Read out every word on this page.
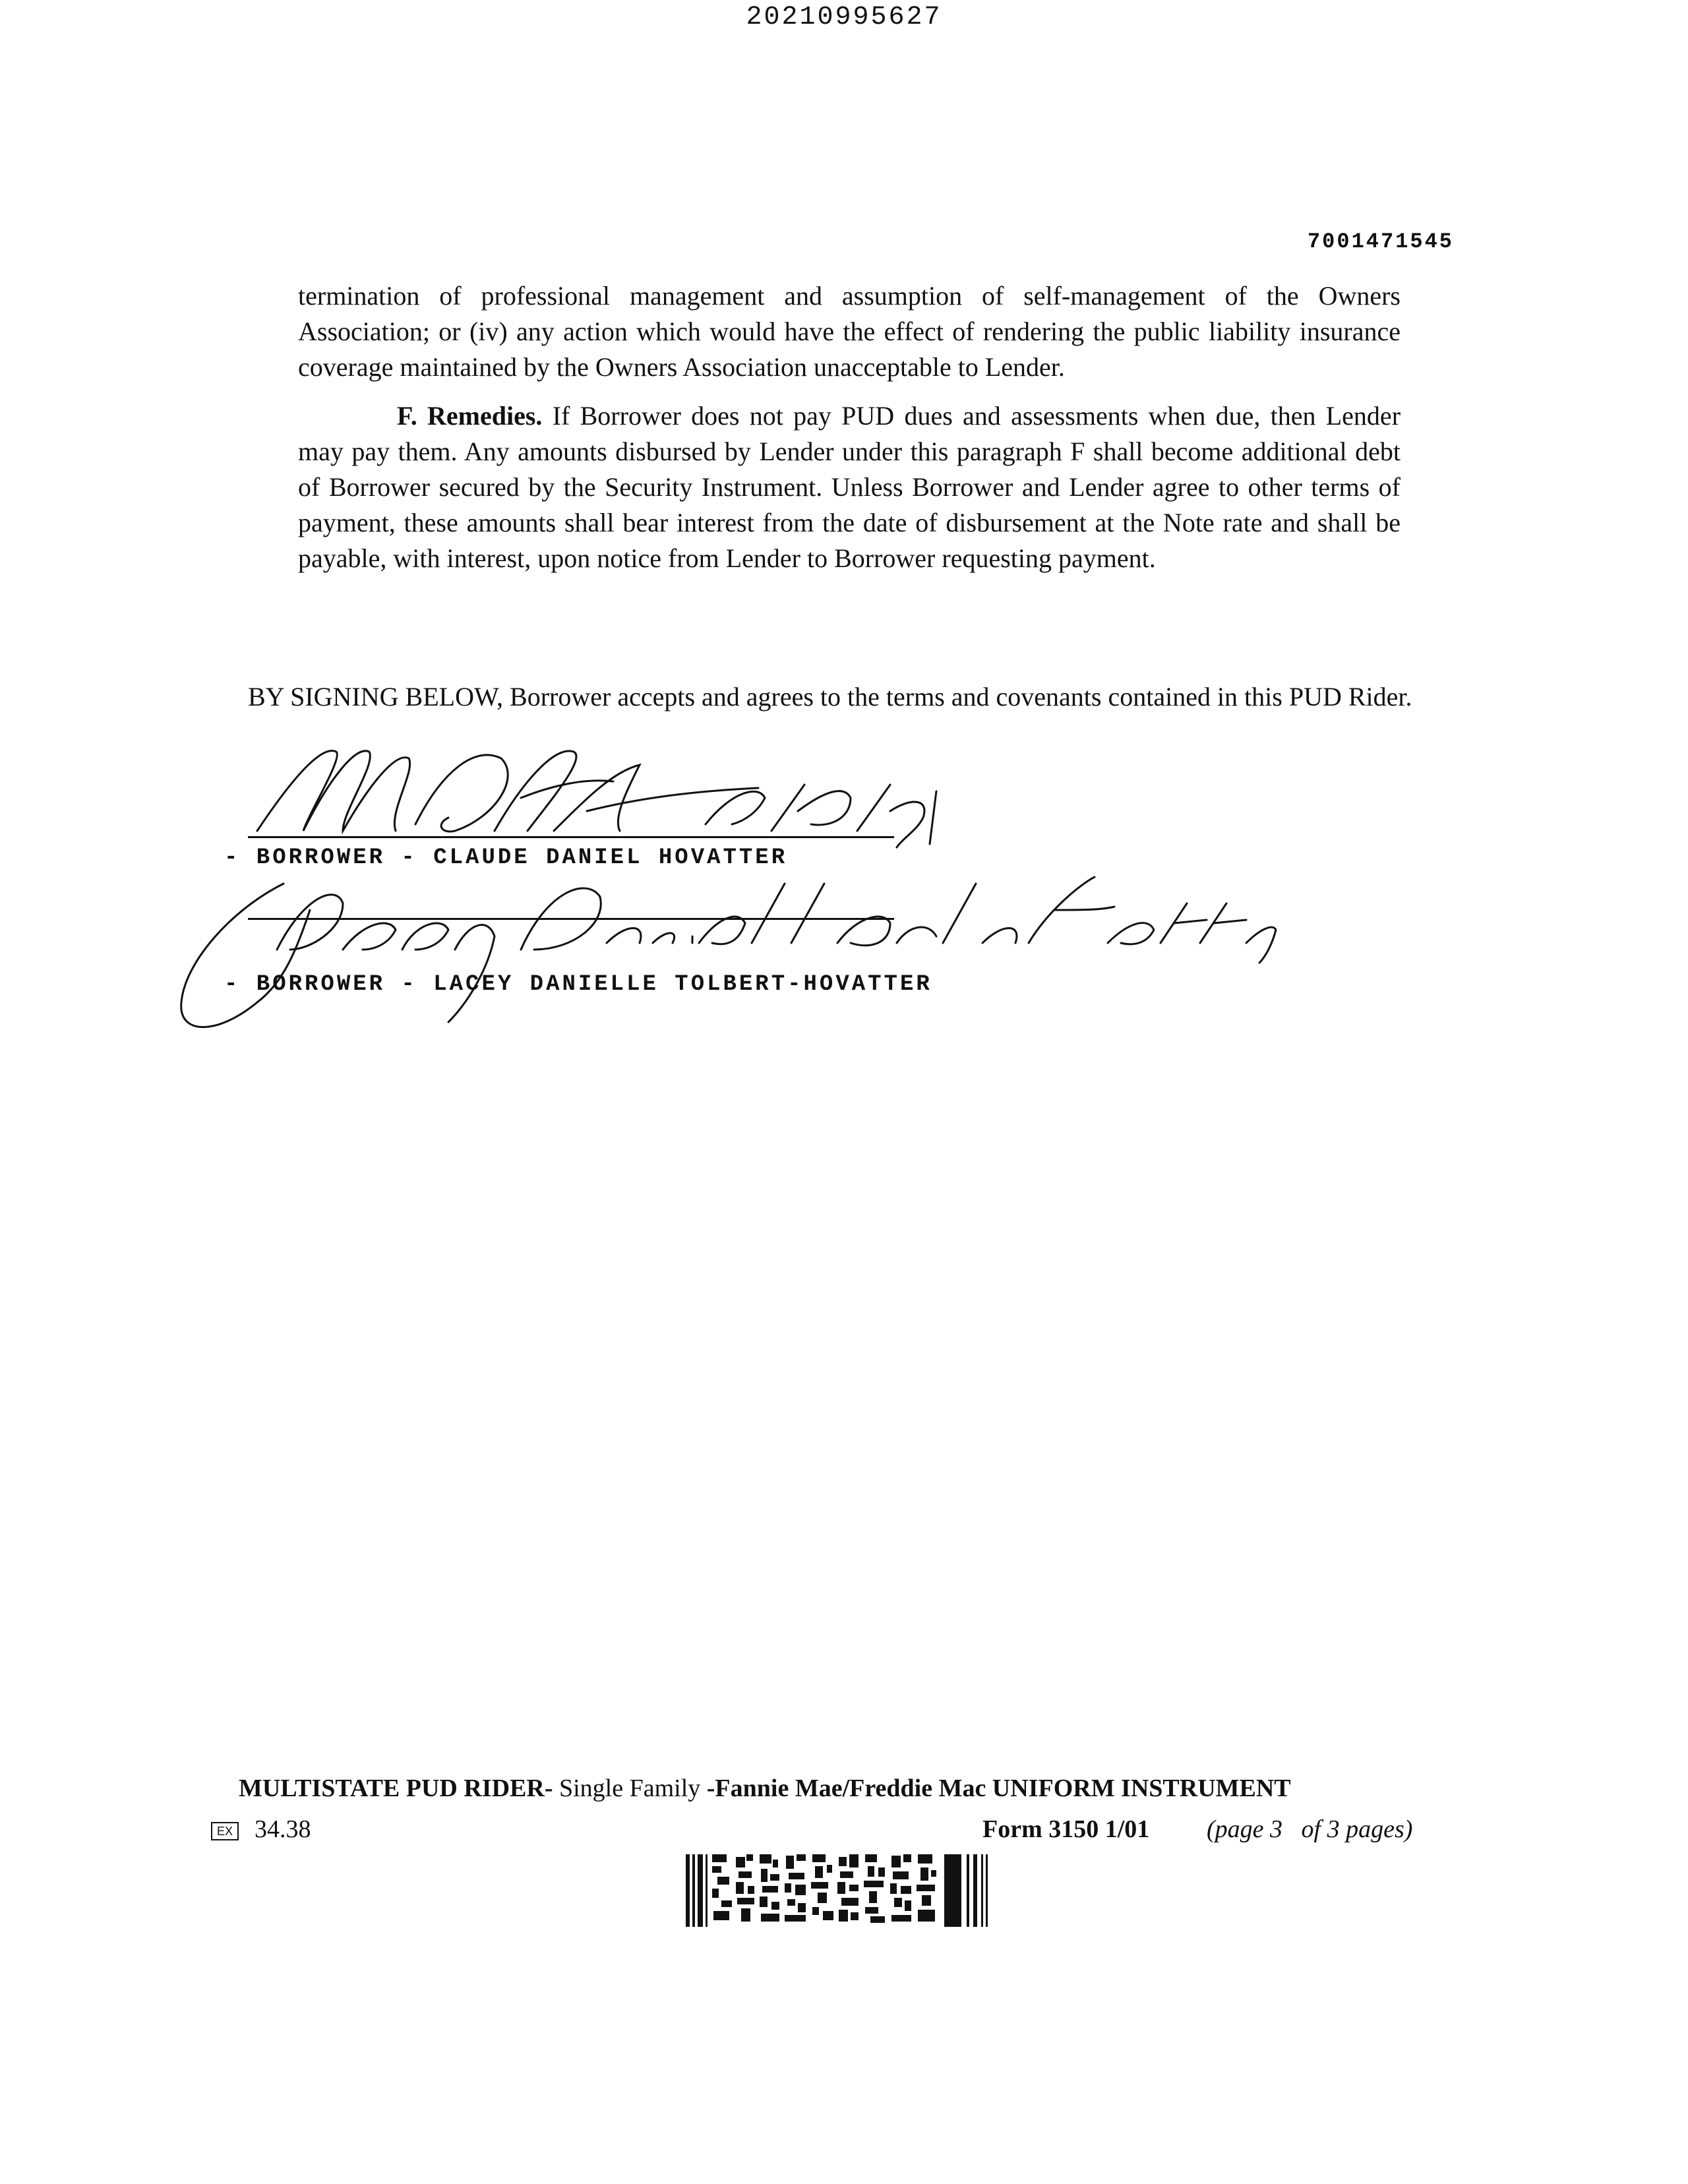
20210995627
7001471545
termination of professional management and assumption of self-management of the Owners Association; or (iv) any action which would have the effect of rendering the public liability insurance coverage maintained by the Owners Association unacceptable to Lender.
F. Remedies. If Borrower does not pay PUD dues and assessments when due, then Lender may pay them. Any amounts disbursed by Lender under this paragraph F shall become additional debt of Borrower secured by the Security Instrument. Unless Borrower and Lender agree to other terms of payment, these amounts shall bear interest from the date of disbursement at the Note rate and shall be payable, with interest, upon notice from Lender to Borrower requesting payment.
BY SIGNING BELOW, Borrower accepts and agrees to the terms and covenants contained in this PUD Rider.
- BORROWER - CLAUDE DANIEL HOVATTER
- BORROWER - LACEY DANIELLE TOLBERT-HOVATTER
MULTISTATE PUD RIDER- Single Family -Fannie Mae/Freddie Mac UNIFORM INSTRUMENT
EX 34.38	Form 3150 1/01 (page 3   of 3 pages)
